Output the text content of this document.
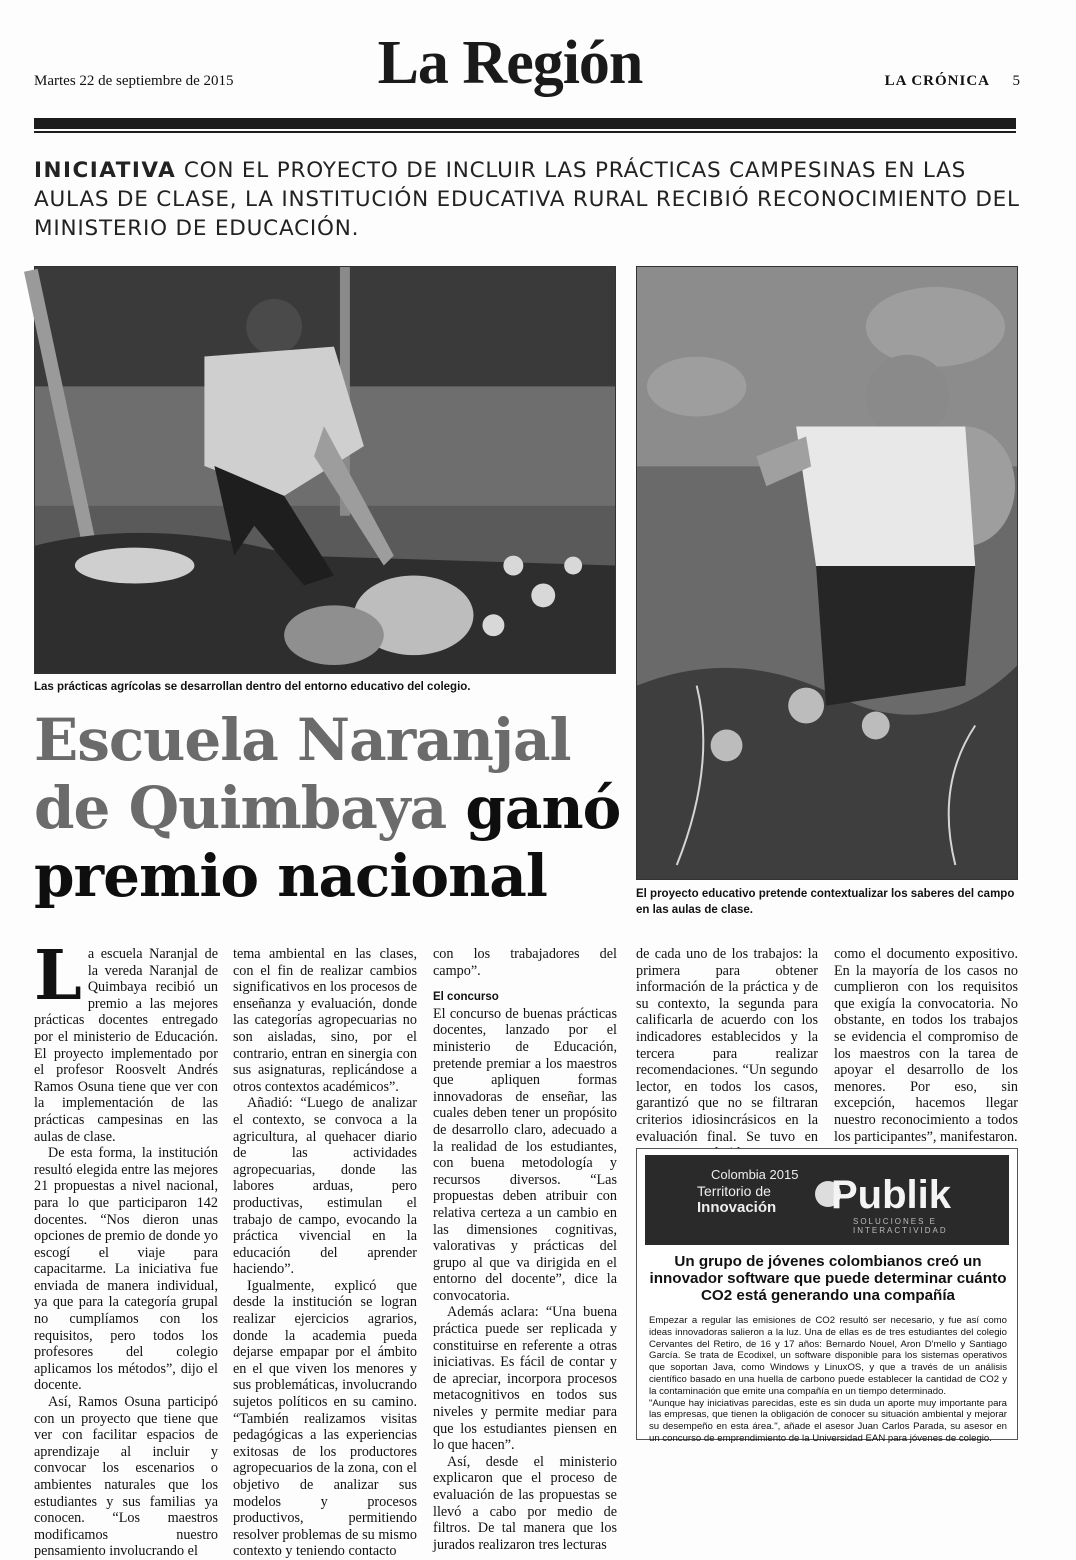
Martes 22 de septiembre de 2015	La Región	LA CRÓNICA 5
INICIATIVA CON EL PROYECTO DE INCLUIR LAS PRÁCTICAS CAMPESINAS EN LAS AULAS DE CLASE, LA INSTITUCIÓN EDUCATIVA RURAL RECIBIÓ RECONOCIMIENTO DEL MINISTERIO DE EDUCACIÓN.
Las prácticas agrícolas se desarrollan dentro del entorno educativo del colegio.
El proyecto educativo pretende contextualizar los saberes del campo en las aulas de clase.
Escuela Naranjal
de Quimbaya ganó
premio nacional

La escuela Naranjal de la vereda Naranjal de Quimbaya recibió un premio a las mejores prácticas docentes entregado por el ministerio de Educación. El proyecto implementado por el profesor Roosvelt Andrés Ramos Osuna tiene que ver con la implementación de las prácticas campesinas en las aulas de clase.

De esta forma, la institución resultó elegida entre las mejores 21 propuestas a nivel nacional, para lo que participaron 142 docentes. “Nos dieron unas opciones de premio de donde yo escogí el viaje para capacitarme. La iniciativa fue enviada de manera individual, ya que para la categoría grupal no cumplíamos con los requisitos, pero todos los profesores del colegio aplicamos los métodos”, dijo el docente.

Así, Ramos Osuna participó con un proyecto que tiene que ver con facilitar espacios de aprendizaje al incluir y convocar los escenarios o ambientes naturales que los estudiantes y sus familias ya conocen. “Los maestros modificamos nuestro pensamiento involucrando el

tema ambiental en las clases, con el fin de realizar cambios significativos en los procesos de enseñanza y evaluación, donde las categorías agropecuarias no son aisladas, sino, por el contrario, entran en sinergia con sus asignaturas, replicándose a otros contextos académicos”.

Añadió: “Luego de analizar el contexto, se convoca a la agricultura, al quehacer diario de las actividades agropecuarias, donde las labores arduas, pero productivas, estimulan el trabajo de campo, evocando la práctica vivencial en la educación del aprender haciendo”.

Igualmente, explicó que desde la institución se logran realizar ejercicios agrarios, donde la academia pueda dejarse empapar por el ámbito en el que viven los menores y sus problemáticas, involucrando sujetos políticos en su camino. “También realizamos visitas pedagógicas a las experiencias exitosas de los productores agropecuarios de la zona, con el objetivo de analizar sus modelos y procesos productivos, permitiendo resolver problemas de su mismo contexto y teniendo contacto

con los trabajadores del campo”.

El concurso

El concurso de buenas prácticas docentes, lanzado por el ministerio de Educación, pretende premiar a los maestros que apliquen formas innovadoras de enseñar, las cuales deben tener un propósito de desarrollo claro, adecuado a la realidad de los estudiantes, con buena metodología y recursos diversos. “Las propuestas deben atribuir con relativa certeza a un cambio en las dimensiones cognitivas, valorativas y prácticas del grupo al que va dirigida en el entorno del docente”, dice la convocatoria.

Además aclara: “Una buena práctica puede ser replicada y constituirse en referente a otras iniciativas. Es fácil de contar y de apreciar, incorpora procesos metacognitivos en todos sus niveles y permite mediar para que los estudiantes piensen en lo que hacen”.

Así, desde el ministerio explicaron que el proceso de evaluación de las propuestas se llevó a cabo por medio de filtros. De tal manera que los jurados realizaron tres lecturas

de cada uno de los trabajos: la primera para obtener información de la práctica y de su contexto, la segunda para calificarla de acuerdo con los indicadores establecidos y la tercera para realizar recomendaciones. “Un segundo lector, en todos los casos, garantizó que no se filtraran criterios idiosincrásicos en la evaluación final. Se tuvo en

como el documento expositivo. En la mayoría de los casos no cumplieron con los requisitos que exigía la convocatoria. No obstante, en todos los trabajos se evidencia el compromiso de los maestros con la tarea de apoyar el desarrollo de los menores. Por eso, sin excepción, hacemos llegar nuestro reconocimiento a todos los participantes”, manifestaron.

Colombia 2015
Territorio de
Innovación Publik
SOLUCIONES E INTERACTIVIDAD
Un grupo de jóvenes colombianos creó un innovador software que puede determinar cuánto CO2 está generando una compañía

Empezar a regular las emisiones de CO2 resultó ser necesario, y fue así como ideas innovadoras salieron a la luz. Una de ellas es de tres estudiantes del colegio Cervantes del Retiro, de 16 y 17 años: Bernardo Nouel, Aron D'mello y Santiago García. Se trata de Ecodixel, un software disponible para los sistemas operativos que soportan Java, como Windows y LinuxOS, y que a través de un análisis científico basado en una huella de carbono puede establecer la cantidad de CO2 y la contaminación que emite una compañía en un tiempo determinado.

"Aunque hay iniciativas parecidas, este es sin duda un aporte muy importante para las empresas, que tienen la obligación de conocer su situación ambiental y mejorar su desempeño en esta área.", añade el asesor Juan Carlos Parada, su asesor en un concurso de emprendimiento de la Universidad EAN para jóvenes de colegio.
